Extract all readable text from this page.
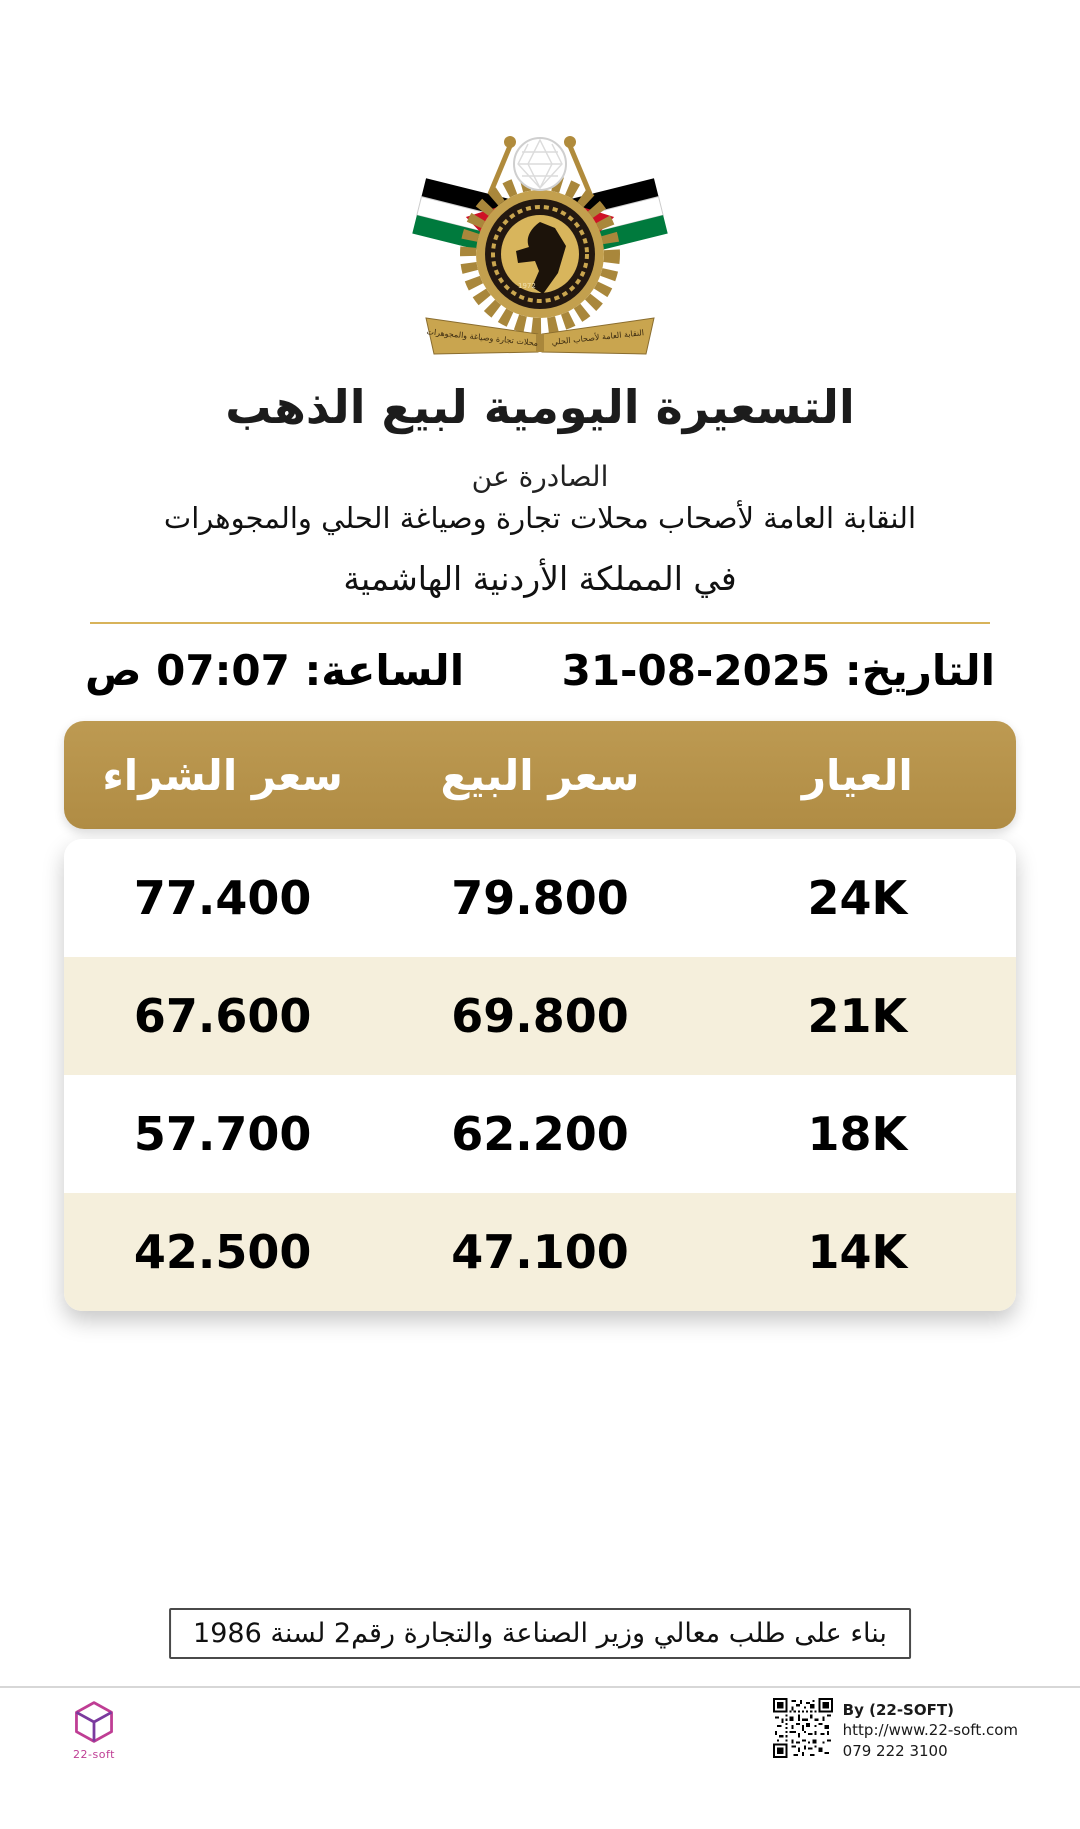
1972
النقابة العامة لأصحاب الحلي
محلات تجارة وصياغة والمجوهرات
التسعيرة اليومية لبيع الذهب
الصادرة عن
النقابة العامة لأصحاب محلات تجارة وصياغة الحلي والمجوهرات
في المملكة الأردنية الهاشمية
التاريخ: 31-08-2025
الساعة: 07:07 ص
العيار
سعر البيع
سعر الشراء
24K
79.800
77.400
21K
69.800
67.600
18K
62.200
57.700
14K
47.100
42.500
بناء على طلب معالي وزير الصناعة والتجارة رقم2 لسنة 1986
22-soft
By (22-SOFT)
http://www.22-soft.com
079 222 3100
